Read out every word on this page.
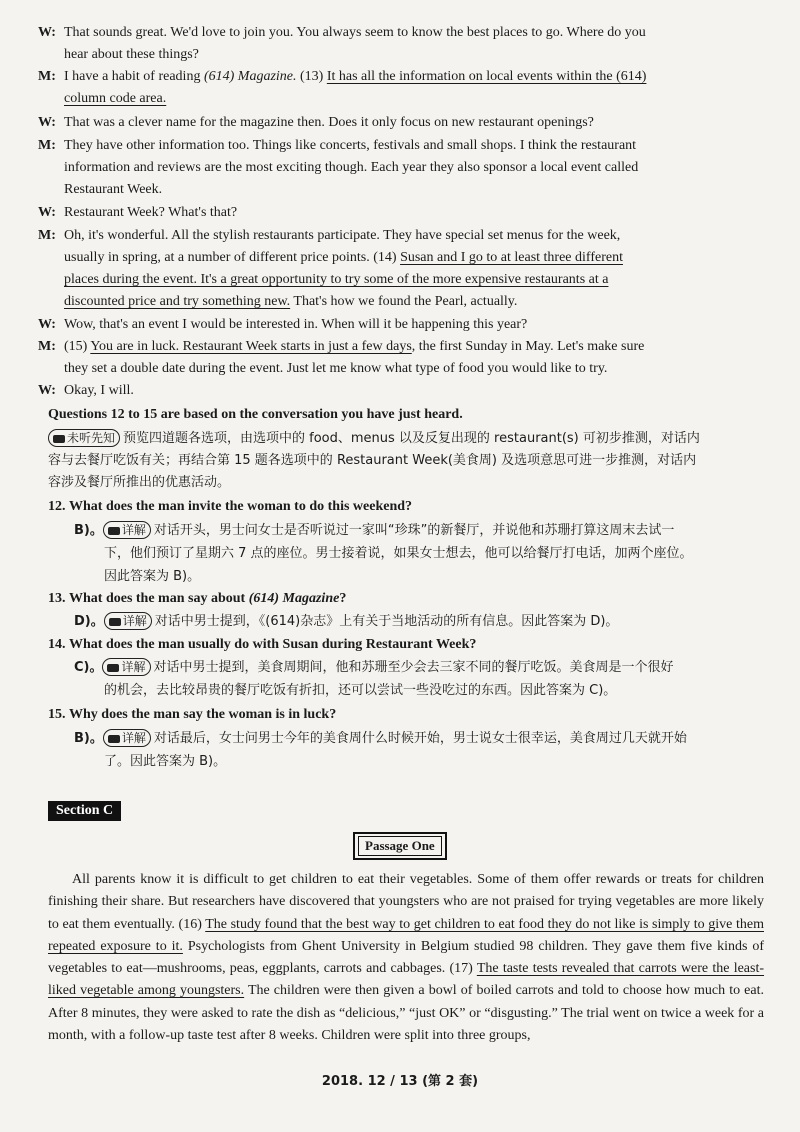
W: That sounds great. We'd love to join you. You always seem to know the best places to go. Where do you

hear about these things?
M: I have a habit of reading (614) Magazine. (13) It has all the information on local events within the (614)

column code area.
W: That was a clever name for the magazine then. Does it only focus on new restaurant openings?
M: They have other information too. Things like concerts, festivals and small shops. I think the restaurant

information and reviews are the most exciting though. Each year they also sponsor a local event called
Restaurant Week.
W: Restaurant Week? What's that?
M: Oh, it's wonderful. All the stylish restaurants participate. They have special set menus for the week,

usually in spring, at a number of different price points. (14) Susan and I go to at least three different
places during the event. It's a great opportunity to try some of the more expensive restaurants at a
discounted price and try something new. That's how we found the Pearl, actually.
W: Wow, that's an event I would be interested in. When will it be happening this year?
M: (15) You are in luck. Restaurant Week starts in just a few days, the first Sunday in May. Let's make sure

they set a double date during the event. Just let me know what type of food you would like to try.
W: Okay, I will.
Questions 12 to 15 are based on the conversation you have just heard.
未听先知 预览四道题各选项，由选项中的 food、menus 以及反复出现的 restaurant(s) 可初步推测，对话内
容与去餐厅吃饭有关；再结合第 15 题各选项中的 Restaurant Week(美食周) 及选项意思可进一步推测，对话内
容涉及餐厅所推出的优惠活动。
12. What does the man invite the woman to do this weekend?
B)。 详解 对话开头，男士问女士是否听说过一家叫“珍珠”的新餐厅，并说他和苏珊打算这周末去试一
下，他们预订了星期六 7 点的座位。男士接着说，如果女士想去，他可以给餐厅打电话，加两个座位。
因此答案为 B)。
13. What does the man say about (614) Magazine?
D)。 详解 对话中男士提到，《(614)杂志》上有关于当地活动的所有信息。因此答案为 D)。
14. What does the man usually do with Susan during Restaurant Week?
C)。 详解 对话中男士提到，美食周期间，他和苏珊至少会去三家不同的餐厅吃饭。美食周是一个很好
的机会，去比较昂贵的餐厅吃饭有折扣，还可以尝试一些没吃过的东西。因此答案为 C)。
15. Why does the man say the woman is in luck?
B)。 详解 对话最后，女士问男士今年的美食周什么时候开始，男士说女士很幸运，美食周过几天就开始
了。因此答案为 B)。
Section C
Passage One
All parents know it is difficult to get children to eat their vegetables. Some of them offer rewards or treats for children finishing their share. But researchers have discovered that youngsters who are not praised for trying vegetables are more likely to eat them eventually. (16) The study found that the best way to get children to eat food they do not like is simply to give them repeated exposure to it. Psychologists from Ghent University in Belgium studied 98 children. They gave them five kinds of vegetables to eat—mushrooms, peas, eggplants, carrots and cabbages. (17) The taste tests revealed that carrots were the least-liked vegetable among youngsters. The children were then given a bowl of boiled carrots and told to choose how much to eat. After 8 minutes, they were asked to rate the dish as “delicious,” “just OK” or “disgusting.” The trial went on twice a week for a month, with a follow-up taste test after 8 weeks. Children were split into three groups,
2018. 12 / 13 (第 2 套)
